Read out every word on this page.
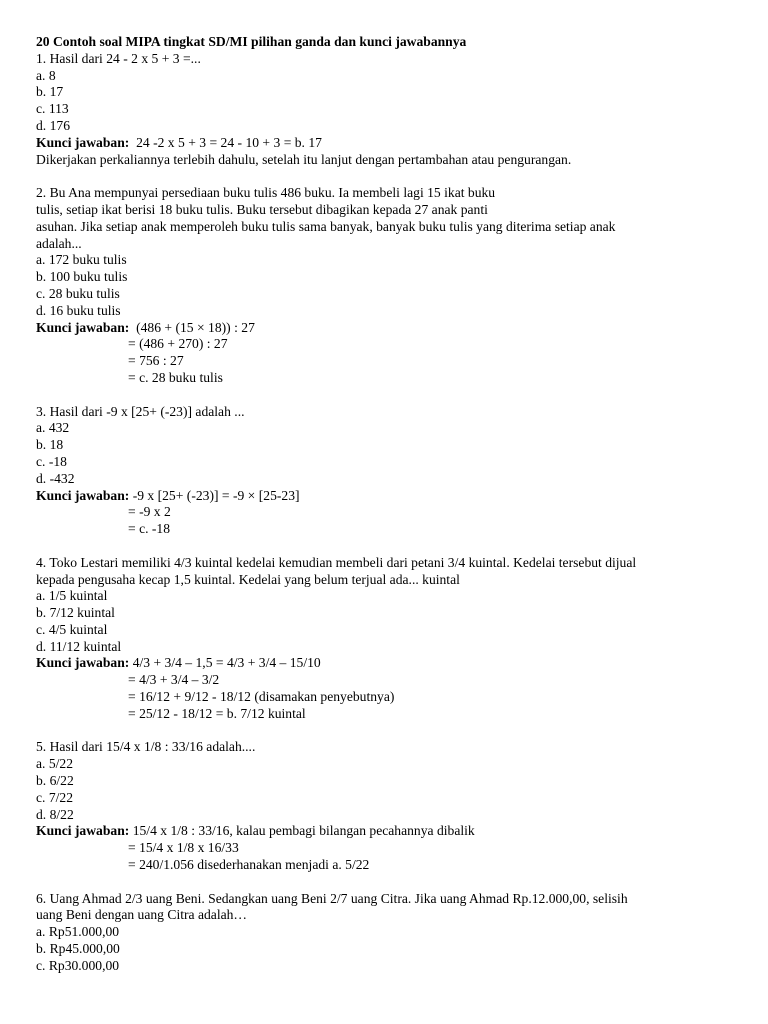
20 Contoh soal MIPA tingkat SD/MI pilihan ganda dan kunci jawabannya
1. Hasil dari 24 - 2 x 5 + 3 =...
a. 8
b. 17
c. 113
d. 176
Kunci jawaban:  24 -2 x 5 + 3 = 24 - 10 + 3 = b. 17
Dikerjakan perkaliannya terlebih dahulu, setelah itu lanjut dengan pertambahan atau pengurangan.
2. Bu Ana mempunyai persediaan buku tulis 486 buku. Ia membeli lagi 15 ikat buku
tulis, setiap ikat berisi 18 buku tulis. Buku tersebut dibagikan kepada 27 anak panti
asuhan. Jika setiap anak memperoleh buku tulis sama banyak, banyak buku tulis yang diterima setiap anak
adalah...
a. 172 buku tulis
b. 100 buku tulis
c. 28 buku tulis
d. 16 buku tulis
Kunci jawaban:  (486 + (15 × 18)) : 27
= (486 + 270) : 27
= 756 : 27
= c. 28 buku tulis
3. Hasil dari -9 x [25+ (-23)] adalah ...
a. 432
b. 18
c. -18
d. -432
Kunci jawaban: -9 x [25+ (-23)] = -9 × [25-23]
= -9 x 2
= c. -18
4. Toko Lestari memiliki 4/3 kuintal kedelai kemudian membeli dari petani 3/4 kuintal. Kedelai tersebut dijual
kepada pengusaha kecap 1,5 kuintal. Kedelai yang belum terjual ada... kuintal
a. 1/5 kuintal
b. 7/12 kuintal
c. 4/5 kuintal
d. 11/12 kuintal
Kunci jawaban: 4/3 + 3/4 – 1,5 = 4/3 + 3/4 – 15/10
= 4/3 + 3/4 – 3/2
= 16/12 + 9/12 - 18/12 (disamakan penyebutnya)
= 25/12 - 18/12 = b. 7/12 kuintal
5. Hasil dari 15/4 x 1/8 : 33/16 adalah....
a. 5/22
b. 6/22
c. 7/22
d. 8/22
Kunci jawaban: 15/4 x 1/8 : 33/16, kalau pembagi bilangan pecahannya dibalik
= 15/4 x 1/8 x 16/33
= 240/1.056 disederhanakan menjadi a. 5/22
6. Uang Ahmad 2/3 uang Beni. Sedangkan uang Beni 2/7 uang Citra. Jika uang Ahmad Rp.12.000,00, selisih
uang Beni dengan uang Citra adalah…
a. Rp51.000,00
b. Rp45.000,00
c. Rp30.000,00
